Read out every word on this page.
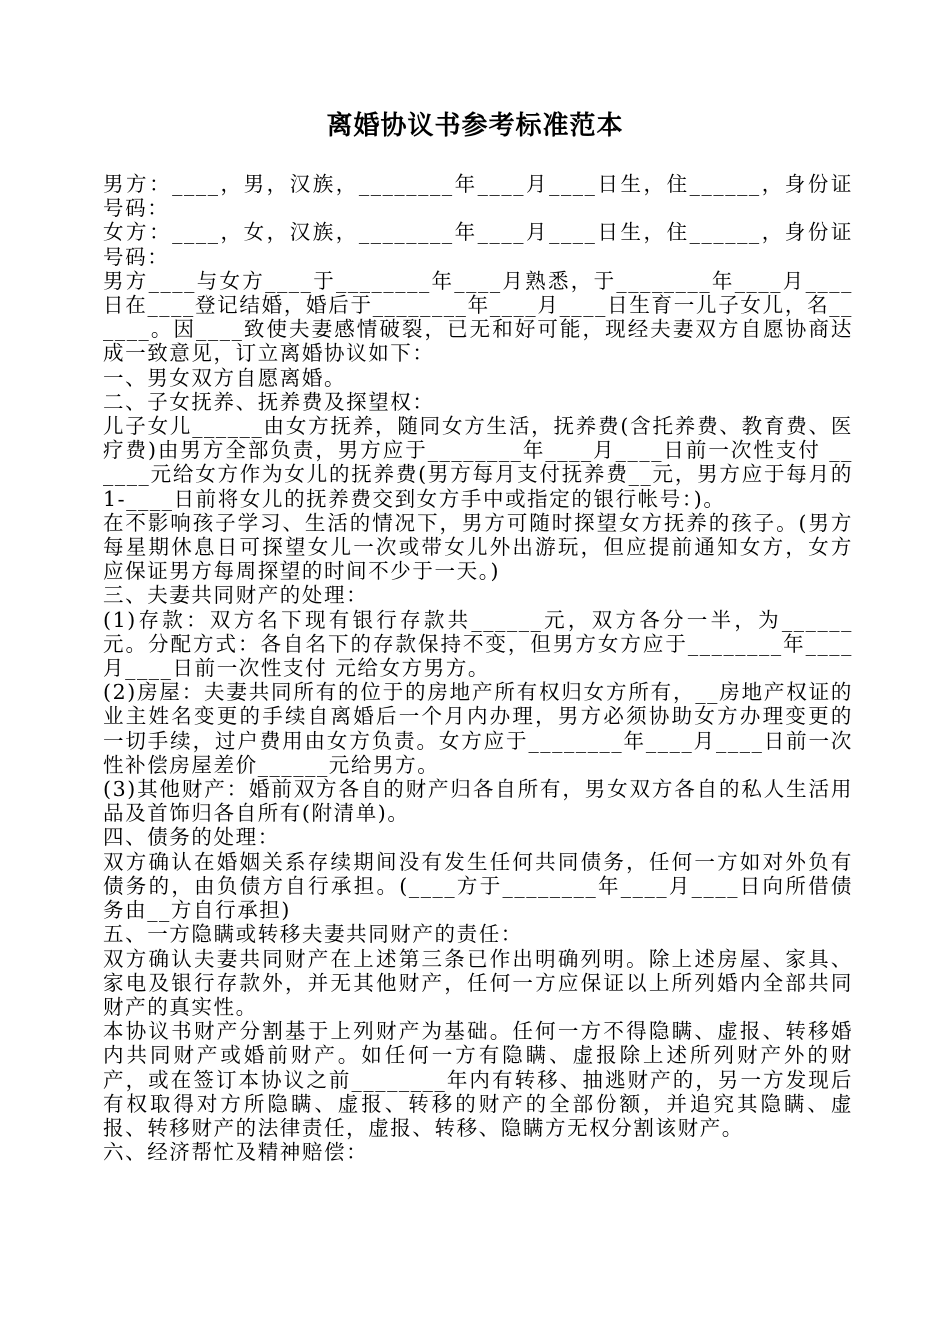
离婚协议书参考标准范本

男方：____，男，汉族，________年____月____日生，住______，身份证号码：

女方：____，女，汉族，________年____月____日生，住______，身份证号码：

男方____与女方____于________年____月熟悉，于________年____月____日在____登记结婚，婚后于________年____月____日生育一儿子女儿，名______。因____致使夫妻感情破裂，已无和好可能，现经夫妻双方自愿协商达成一致意见，订立离婚协议如下：

一、男女双方自愿离婚。

二、子女抚养、抚养费及探望权：

儿子女儿______由女方抚养，随同女方生活，抚养费(含托养费、教育费、医疗费)由男方全部负责，男方应于________年____月____日前一次性支付 ______元给女方作为女儿的抚养费(男方每月支付抚养费__元，男方应于每月的1-____日前将女儿的抚养费交到女方手中或指定的银行帐号：)。

在不影响孩子学习、生活的情况下，男方可随时探望女方抚养的孩子。(男方每星期休息日可探望女儿一次或带女儿外出游玩，但应提前通知女方，女方应保证男方每周探望的时间不少于一天。)

三、夫妻共同财产的处理：

(1)存款：双方名下现有银行存款共______元，双方各分一半，为______元。分配方式：各自名下的存款保持不变，但男方女方应于________年____月____日前一次性支付 元给女方男方。

(2)房屋：夫妻共同所有的位于的房地产所有权归女方所有，__房地产权证的业主姓名变更的手续自离婚后一个月内办理，男方必须协助女方办理变更的一切手续，过户费用由女方负责。女方应于________年____月____日前一次性补偿房屋差价______元给男方。

(3)其他财产：婚前双方各自的财产归各自所有，男女双方各自的私人生活用品及首饰归各自所有(附清单)。

四、债务的处理：

双方确认在婚姻关系存续期间没有发生任何共同债务，任何一方如对外负有债务的，由负债方自行承担。(____方于________年____月____日向所借债务由__方自行承担)

五、一方隐瞒或转移夫妻共同财产的责任：

双方确认夫妻共同财产在上述第三条已作出明确列明。除上述房屋、家具、家电及银行存款外，并无其他财产，任何一方应保证以上所列婚内全部共同财产的真实性。

本协议书财产分割基于上列财产为基础。任何一方不得隐瞒、虚报、转移婚内共同财产或婚前财产。如任何一方有隐瞒、虚报除上述所列财产外的财产，或在签订本协议之前________年内有转移、抽逃财产的，另一方发现后有权取得对方所隐瞒、虚报、转移的财产的全部份额，并追究其隐瞒、虚报、转移财产的法律责任，虚报、转移、隐瞒方无权分割该财产。

六、经济帮忙及精神赔偿：
